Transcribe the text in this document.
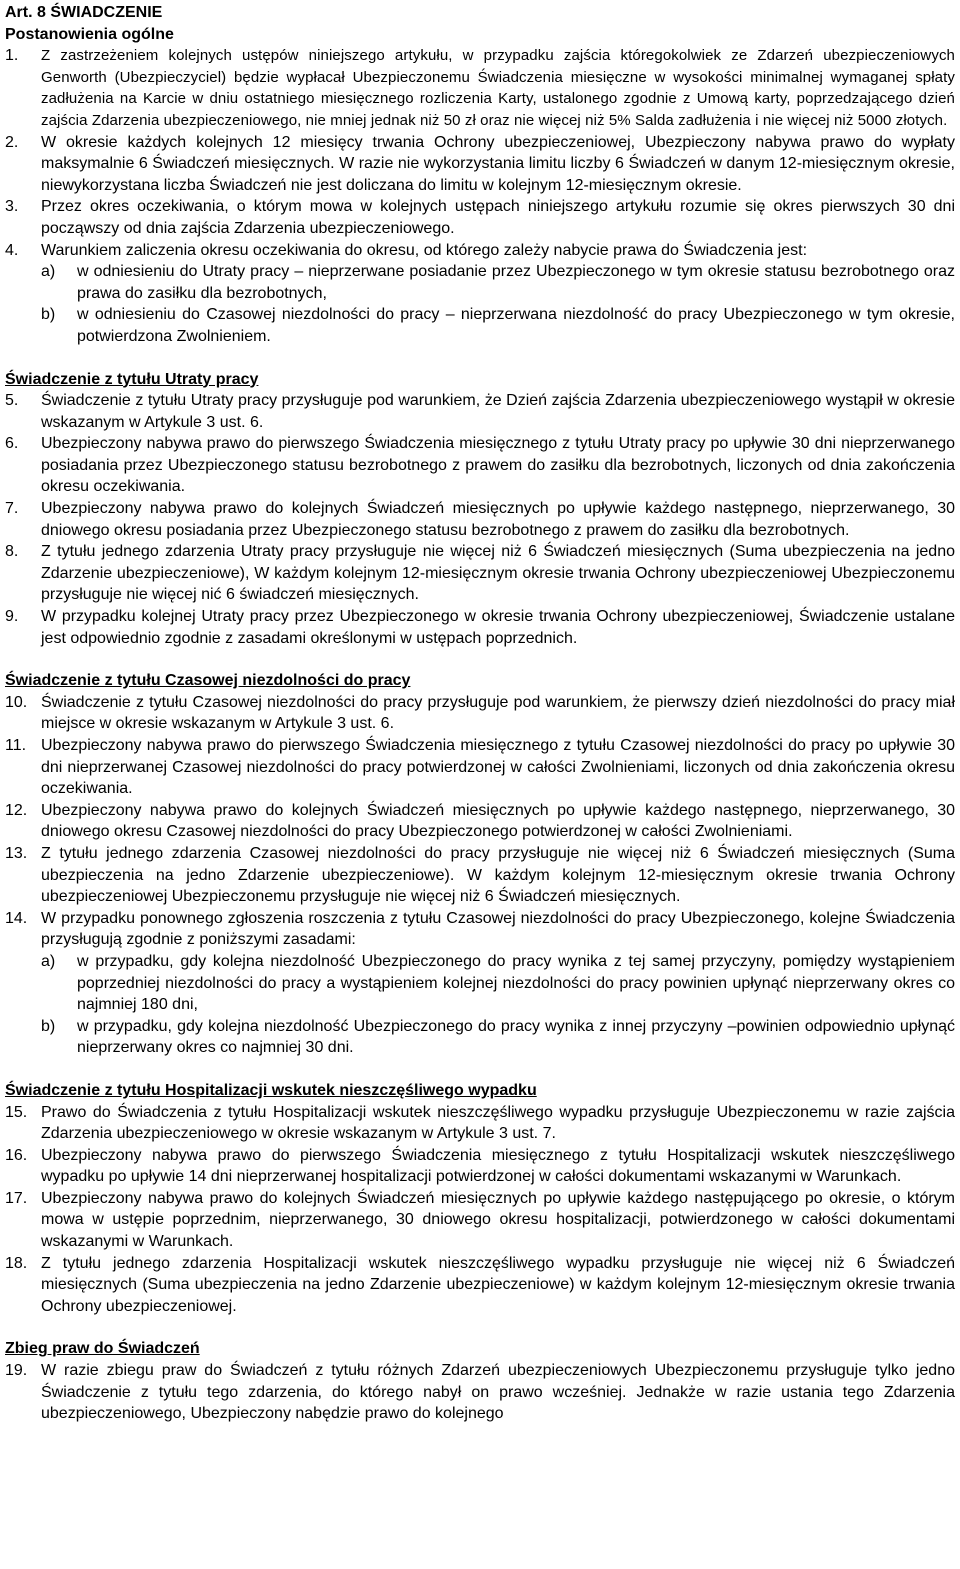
Art. 8 ŚWIADCZENIE
Postanowienia ogólne
1.	Z zastrzeżeniem kolejnych ustępów niniejszego artykułu, w przypadku zajścia któregokolwiek ze Zdarzeń ubezpieczeniowych Genworth (Ubezpieczyciel) będzie wypłacał Ubezpieczonemu Świadczenia miesięczne w wysokości minimalnej wymaganej spłaty zadłużenia na Karcie w dniu ostatniego miesięcznego rozliczenia Karty, ustalonego zgodnie z Umową karty, poprzedzającego dzień zajścia Zdarzenia ubezpieczeniowego, nie mniej jednak niż 50 zł oraz nie więcej niż 5% Salda zadłużenia i nie więcej niż 5000 złotych.
2.	W okresie każdych kolejnych 12 miesięcy trwania Ochrony ubezpieczeniowej, Ubezpieczony nabywa prawo do wypłaty maksymalnie 6 Świadczeń miesięcznych. W razie nie wykorzystania limitu liczby 6 Świadczeń w danym 12-miesięcznym okresie, niewykorzystana liczba Świadczeń nie jest doliczana do limitu w kolejnym 12-miesięcznym okresie.
3.	Przez okres oczekiwania, o którym mowa w kolejnych ustępach niniejszego artykułu rozumie się okres pierwszych 30 dni począwszy od dnia zajścia Zdarzenia ubezpieczeniowego.
4.	Warunkiem zaliczenia okresu oczekiwania do okresu, od którego zależy nabycie prawa do Świadczenia jest:
a)	w odniesieniu do Utraty pracy – nieprzerwane posiadanie przez Ubezpieczonego w tym okresie statusu bezrobotnego oraz prawa do zasiłku dla bezrobotnych,
b)	w odniesieniu do Czasowej niezdolności do pracy – nieprzerwana niezdolność do pracy Ubezpieczonego w tym okresie, potwierdzona Zwolnieniem.
Świadczenie z tytułu Utraty pracy
5.	Świadczenie z tytułu Utraty pracy przysługuje pod warunkiem, że Dzień zajścia Zdarzenia ubezpieczeniowego wystąpił w okresie wskazanym w Artykule 3 ust. 6.
6.	Ubezpieczony nabywa prawo do pierwszego Świadczenia miesięcznego z tytułu Utraty pracy po upływie 30 dni nieprzerwanego posiadania przez Ubezpieczonego statusu bezrobotnego z prawem do zasiłku dla bezrobotnych, liczonych od dnia zakończenia okresu oczekiwania.
7.	Ubezpieczony nabywa prawo do kolejnych Świadczeń miesięcznych po upływie każdego następnego, nieprzerwanego, 30 dniowego okresu posiadania przez Ubezpieczonego statusu bezrobotnego z prawem do zasiłku dla bezrobotnych.
8.	Z tytułu jednego zdarzenia Utraty pracy przysługuje nie więcej niż 6 Świadczeń miesięcznych (Suma ubezpieczenia na jedno Zdarzenie ubezpieczeniowe), W każdym kolejnym 12-miesięcznym okresie trwania Ochrony ubezpieczeniowej Ubezpieczonemu przysługuje nie więcej nić 6 świadczeń miesięcznych.
9.	W przypadku kolejnej Utraty pracy przez Ubezpieczonego w okresie trwania Ochrony ubezpieczeniowej, Świadczenie ustalane jest odpowiednio zgodnie z zasadami określonymi w ustępach poprzednich.
Świadczenie z tytułu Czasowej niezdolności do pracy
10. Świadczenie z tytułu Czasowej niezdolności do pracy przysługuje pod warunkiem, że pierwszy dzień niezdolności do pracy miał miejsce w okresie wskazanym w Artykule 3 ust. 6.
11. Ubezpieczony nabywa prawo do pierwszego Świadczenia miesięcznego z tytułu Czasowej niezdolności do pracy po upływie 30 dni nieprzerwanej Czasowej niezdolności do pracy potwierdzonej w całości Zwolnieniami, liczonych od dnia zakończenia okresu oczekiwania.
12. Ubezpieczony nabywa prawo do kolejnych Świadczeń miesięcznych po upływie każdego następnego, nieprzerwanego, 30 dniowego okresu Czasowej niezdolności do pracy Ubezpieczonego potwierdzonej w całości Zwolnieniami.
13. Z tytułu jednego zdarzenia Czasowej niezdolności do pracy przysługuje nie więcej niż 6 Świadczeń miesięcznych (Suma ubezpieczenia na jedno Zdarzenie ubezpieczeniowe). W każdym kolejnym 12-miesięcznym okresie trwania Ochrony ubezpieczeniowej Ubezpieczonemu przysługuje nie więcej niż 6 Świadczeń miesięcznych.
14. W przypadku ponownego zgłoszenia roszczenia z tytułu Czasowej niezdolności do pracy Ubezpieczonego, kolejne Świadczenia przysługują zgodnie z poniższymi zasadami:
a)	w przypadku, gdy kolejna niezdolność Ubezpieczonego do pracy wynika z tej samej przyczyny, pomiędzy wystąpieniem poprzedniej niezdolności do pracy a wystąpieniem kolejnej niezdolności do pracy powinien upłynąć nieprzerwany okres co najmniej 180 dni,
b)	w przypadku, gdy kolejna niezdolność Ubezpieczonego do pracy wynika z innej przyczyny –powinien odpowiednio upłynąć nieprzerwany okres co najmniej 30 dni.
Świadczenie z tytułu Hospitalizacji wskutek nieszczęśliwego wypadku
15. Prawo do Świadczenia z tytułu Hospitalizacji wskutek nieszczęśliwego wypadku przysługuje Ubezpieczonemu w razie zajścia Zdarzenia ubezpieczeniowego w okresie wskazanym w Artykule 3 ust. 7.
16. Ubezpieczony nabywa prawo do pierwszego Świadczenia miesięcznego z tytułu Hospitalizacji wskutek nieszczęśliwego wypadku po upływie 14 dni nieprzerwanej hospitalizacji potwierdzonej w całości dokumentami wskazanymi w Warunkach.
17. Ubezpieczony nabywa prawo do kolejnych Świadczeń miesięcznych po upływie każdego następującego po okresie, o którym mowa w ustępie poprzednim, nieprzerwanego, 30 dniowego okresu hospitalizacji, potwierdzonego w całości dokumentami wskazanymi w Warunkach.
18. Z tytułu jednego zdarzenia Hospitalizacji wskutek nieszczęśliwego wypadku przysługuje nie więcej niż 6 Świadczeń miesięcznych (Suma ubezpieczenia na jedno Zdarzenie ubezpieczeniowe) w każdym kolejnym 12-miesięcznym okresie trwania Ochrony ubezpieczeniowej.
Zbieg praw do Świadczeń
19. W razie zbiegu praw do Świadczeń z tytułu różnych Zdarzeń ubezpieczeniowych Ubezpieczonemu przysługuje tylko jedno Świadczenie z tytułu tego zdarzenia, do którego nabył on prawo wcześniej. Jednakże w razie ustania tego Zdarzenia ubezpieczeniowego, Ubezpieczony nabędzie prawo do kolejnego
